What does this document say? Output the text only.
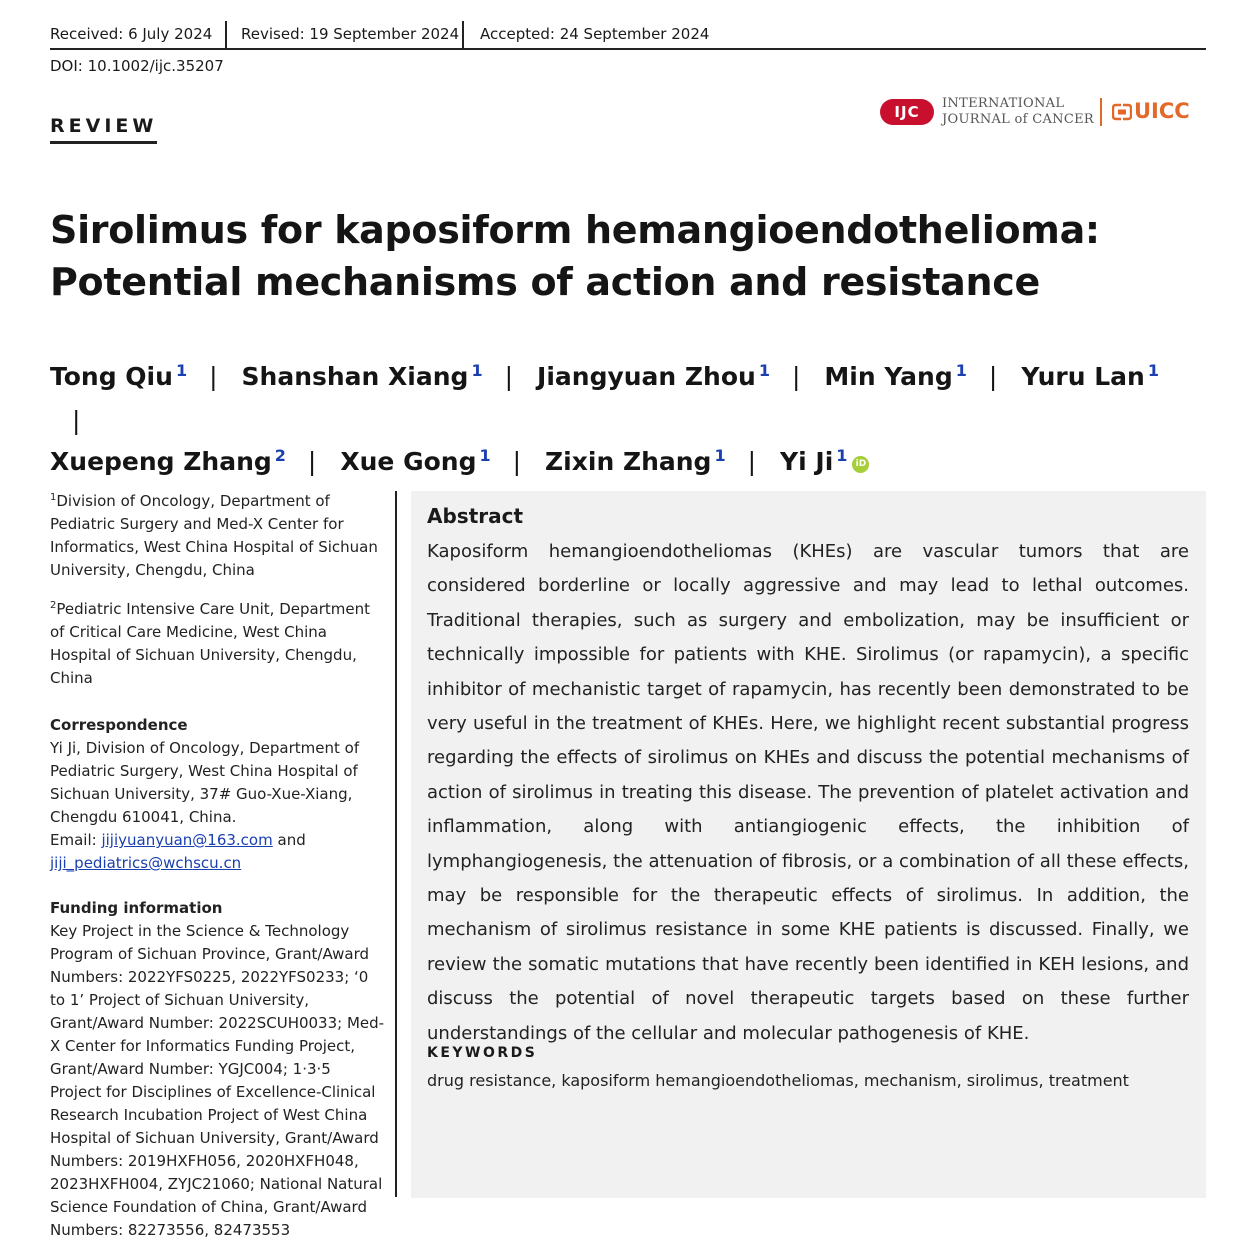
Received: 6 July 2024 Revised: 19 September 2024 Accepted: 24 September 2024
DOI: 10.1002/ijc.35207
REVIEW
IJC	INTERNATIONAL
JOURNAL of CANCER UICC
Sirolimus for kaposiform hemangioendothelioma: Potential mechanisms of action and resistance
Tong Qiu $^1$ | Shanshan Xiang $^1$ | Jiangyuan Zhou $^1$ | Min Yang $^1$ | Yuru Lan $^1$|
Xuepeng Zhang $^2$ | Xue Gong $^1$ | Zixin Zhang $^1$ | Yi Ji $^1$ iD
$^1$Division of Oncology, Department of Pediatric Surgery and Med-X Center for Informatics, West China Hospital of Sichuan University, Chengdu, China
$^2$Pediatric Intensive Care Unit, Department of Critical Care Medicine, West China Hospital of Sichuan University, Chengdu, China

Correspondence

Yi Ji, Division of Oncology, Department of Pediatric Surgery, West China Hospital of Sichuan University, 37# Guo-Xue-Xiang, Chengdu 610041, China.

Email: jijiyuanyuan@163.com and jiji_pediatrics@wchscu.cn

Funding information

Key Project in the Science & Technology Program of Sichuan Province, Grant/Award Numbers: 2022YFS0225, 2022YFS0233; ‘0 to 1’ Project of Sichuan University, Grant/Award Number: 2022SCUH0033; Med-X Center for Informatics Funding Project, Grant/Award Number: YGJC004; 1·3·5 Project for Disciplines of Excellence-Clinical Research Incubation Project of West China Hospital of Sichuan University, Grant/Award Numbers: 2019HXFH056, 2020HXFH048, 2023HXFH004, ZYJC21060; National Natural Science Foundation of China, Grant/Award Numbers: 82273556, 82473553

Abstract

Kaposiform hemangioendotheliomas (KHEs) are vascular tumors that are considered borderline or locally aggressive and may lead to lethal outcomes. Traditional therapies, such as surgery and embolization, may be insufficient or technically impossible for patients with KHE. Sirolimus (or rapamycin), a specific inhibitor of mechanistic target of rapamycin, has recently been demonstrated to be very useful in the treatment of KHEs. Here, we highlight recent substantial progress regarding the effects of sirolimus on KHEs and discuss the potential mechanisms of action of sirolimus in treating this disease. The prevention of platelet activation and inflammation, along with antiangiogenic effects, the inhibition of lymphangiogenesis, the attenuation of fibrosis, or a combination of all these effects, may be responsible for the therapeutic effects of sirolimus. In addition, the mechanism of sirolimus resistance in some KHE patients is discussed. Finally, we review the somatic mutations that have recently been identified in KEH lesions, and discuss the potential of novel therapeutic targets based on these further understandings of the cellular and molecular pathogenesis of KHE.

KEYWORDS
drug resistance, kaposiform hemangioendotheliomas, mechanism, sirolimus, treatment
